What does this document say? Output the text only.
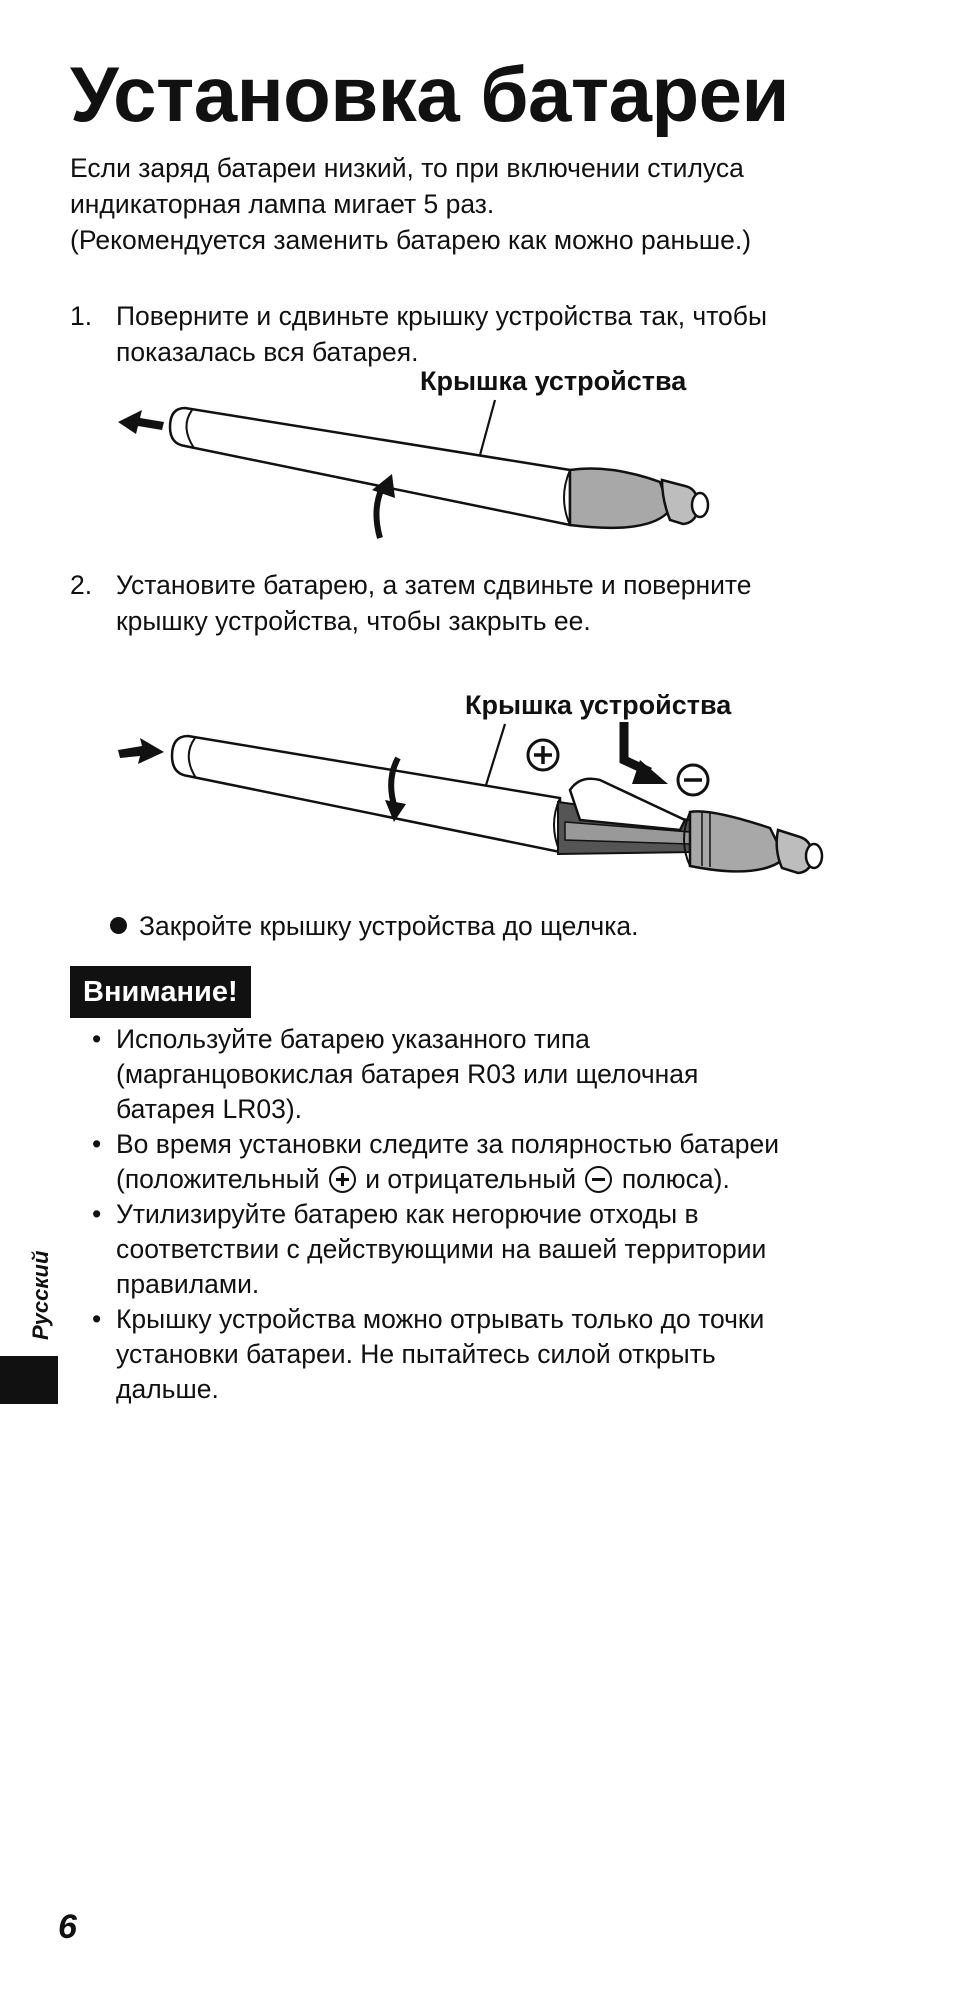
Установка батареи
Если заряд батареи низкий, то при включении стилуса
индикаторная лампа мигает 5 раз.
(Рекомендуется заменить батарею как можно раньше.)
1. Поверните и сдвиньте крышку устройства так, чтобы
показалась вся батарея.
Крышка устройства
2. Установите батарею, а затем сдвиньте и поверните
крышку устройства, чтобы закрыть ее.
Крышка устройства
Закройте крышку устройства до щелчка.
Внимание!
• Используйте батарею указанного типа
(марганцовокислая батарея R03 или щелочная
батарея LR03).
• Во время установки следите за полярностью батареи
(положительный и отрицательный полюса).
• Утилизируйте батарею как негорючие отходы в
соответствии с действующими на вашей территории
правилами.
• Крышку устройства можно отрывать только до точки
установки батареи. Не пытайтесь силой открыть
дальше.
Русский
6
